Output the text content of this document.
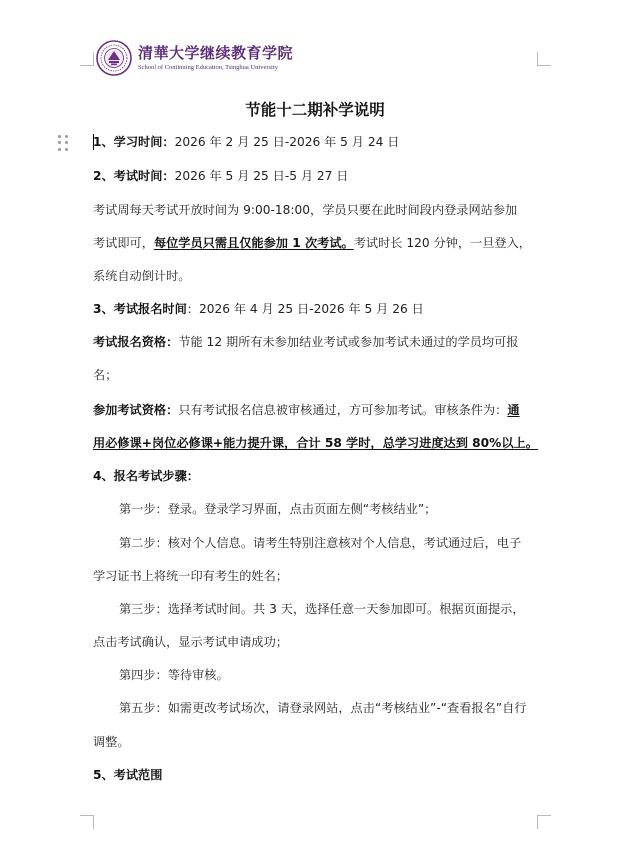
清華大学继续教育学院
School of Continuing Education, Tsinghua University
节能十二期补学说明
1、学习时间：2026 年 2 月 25 日-2026 年 5 月 24 日
2、考试时间：2026 年 5 月 25 日-5 月 27 日
考试周每天考试开放时间为 9:00-18:00，学员只要在此时间段内登录网站参加
考试即可，每位学员只需且仅能参加 1 次考试。考试时长 120 分钟，一旦登入，
系统自动倒计时。
3、考试报名时间：2026 年 4 月 25 日-2026 年 5 月 26 日
考试报名资格：节能 12 期所有未参加结业考试或参加考试未通过的学员均可报
名；
参加考试资格：只有考试报名信息被审核通过，方可参加考试。审核条件为：通
用必修课+岗位必修课+能力提升课，合计 58 学时，总学习进度达到 80%以上。
4、报名考试步骤：
第一步：登录。登录学习界面，点击页面左侧“考核结业”；
第二步：核对个人信息。请考生特别注意核对个人信息，考试通过后，电子
学习证书上将统一印有考生的姓名；
第三步：选择考试时间。共 3 天，选择任意一天参加即可。根据页面提示，
点击考试确认，显示考试申请成功；
第四步：等待审核。
第五步：如需更改考试场次，请登录网站，点击“考核结业”-“查看报名”自行
调整。
5、考试范围
